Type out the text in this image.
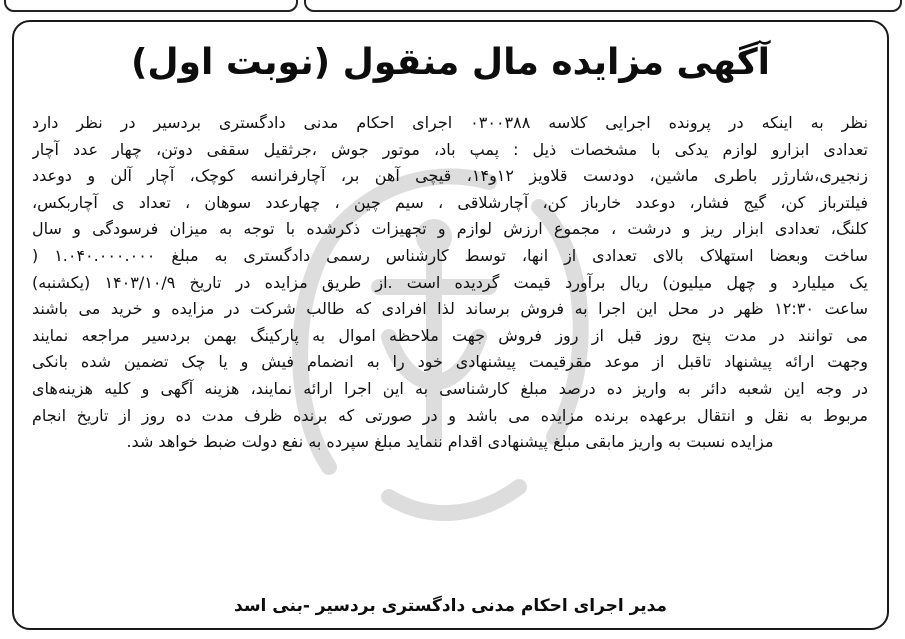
آگهی مزایده مال منقول (نوبت اول)

نظر به اینکه در پرونده اجرایی کلاسه ۰۳۰۰۳۸۸ اجرای احکام مدنی دادگستری بردسیر در نظر دارد
تعدادی ابزارو لوازم یدکی با مشخصات ذیل : پمپ باد، موتور جوش ،جرثقیل سقفی دوتن، چهار عدد آچار
زنجیری،شارژر باطری ماشین، دودست قلاویز ۱۲و۱۴، قیچی آهن بر، آچارفرانسه کوچک، آچار آلن و دوعدد
فیلترباز کن، گیج فشار، دوعدد خارباز کن، آچارشلاقی ، سیم چین ، چهارعدد سوهان ، تعداد ی آچاربکس،
کلنگ، تعدادی ابزار ریز و درشت ، مجموع ارزش لوازم و تجهیزات ذکرشده با توجه به میزان فرسودگی و سال
ساخت وبعضا استهلاک بالای تعدادی از انها، توسط کارشناس رسمی دادگستری به مبلغ ۱.۰۴۰.۰۰۰.۰۰۰ (
یک میلیارد و چهل میلیون) ریال برآورد قیمت گردیده است .از طریق مزایده در تاریخ ۱۴۰۳/۱۰/۹ (یکشنبه)
ساعت ۱۲:۳۰ ظهر در محل این اجرا به فروش برساند لذا افرادی که طالب شرکت در مزایده و خرید می باشند
می توانند در مدت پنج روز قبل از روز فروش جهت ملاحظه اموال به پارکینگ بهمن بردسیر مراجعه نمایند
وجهت ارائه پیشنهاد تاقبل از موعد مقرقیمت پیشنهادی خود را به انضمام فیش و یا چک تضمین شده بانکی
در وجه این شعبه دائر به واریز ده درصد مبلغ کارشناسی به این اجرا ارائه نمایند، هزینه آگهی و کلیه هزینه‌های
مربوط به نقل و انتقال برعهده برنده مزایده می باشد و در صورتی که برنده ظرف مدت ده روز از تاریخ انجام
مزایده نسبت به واریز مابقی مبلغ پیشنهادی اقدام ننماید مبلغ سپرده به نفع دولت ضبط خواهد شد.

مدیر اجرای احکام مدنی دادگستری بردسیر -بنی اسد
